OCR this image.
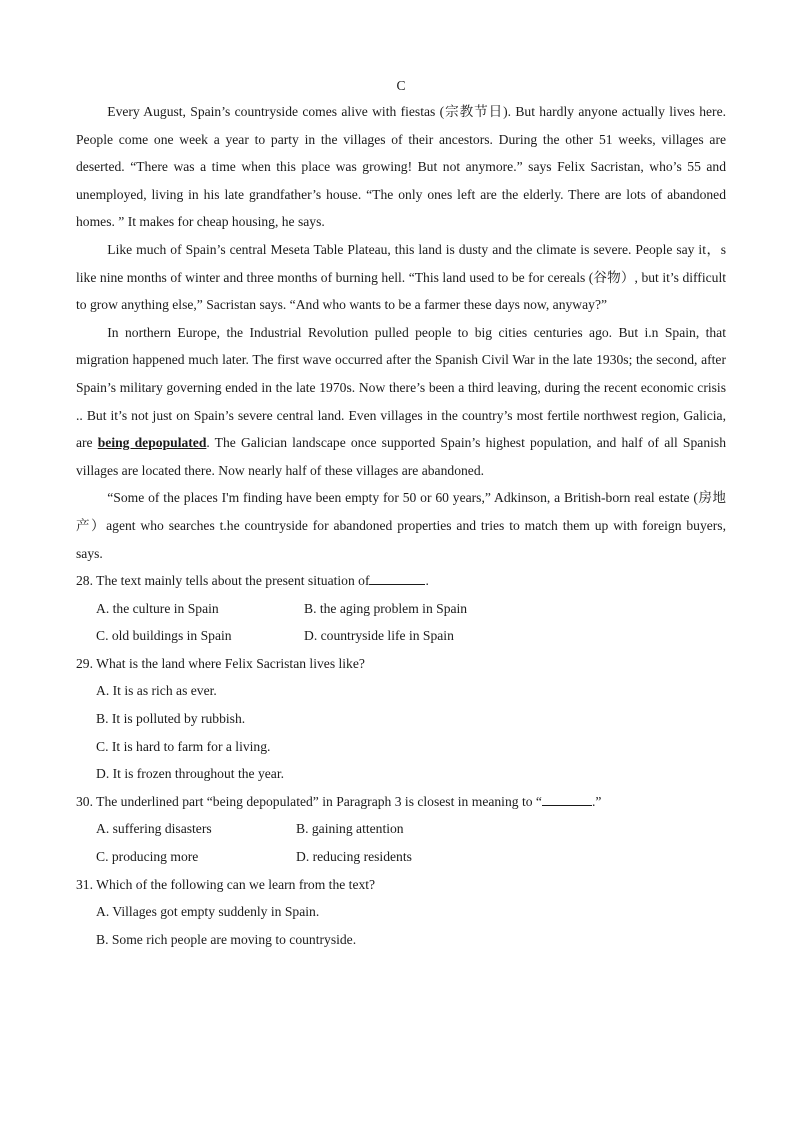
C

Every August, Spain’s countryside comes alive with fiestas (宗教节日). But hardly anyone actually lives here. People come one week a year to party in the villages of their ancestors. During the other 51 weeks, villages are deserted. “There was a time when this place was growing! But not anymore.” says Felix Sacristan, who’s 55 and unemployed, living in his late grandfather’s house. “The only ones left are the elderly. There are lots of abandoned homes. ” It makes for cheap housing, he says.

Like much of Spain’s central Meseta Table Plateau, this land is dusty and the climate is severe. People say it，s like nine months of winter and three months of burning hell. “This land used to be for cereals (谷物）, but it’s difficult to grow anything else,” Sacristan says. “And who wants to be a farmer these days now, anyway?”

In northern Europe, the Industrial Revolution pulled people to big cities centuries ago. But i.n Spain, that migration happened much later. The first wave occurred after the Spanish Civil War in the late 1930s; the second, after Spain’s military governing ended in the late 1970s. Now there’s been a third leaving, during the recent economic crisis .. But it’s not just on Spain’s severe central land. Even villages in the country’s most fertile northwest region, Galicia, are being depopulated. The Galician landscape once supported Spain’s highest population, and half of all Spanish villages are located there. Now nearly half of these villages are abandoned.

“Some of the places I'm finding have been empty for 50 or 60 years,” Adkinson, a British-born real estate (房地产）agent who searches t.he countryside for abandoned properties and tries to match them up with foreign buyers, says.

28. The text mainly tells about the present situation of	.

A. the culture in Spain	B. the aging problem in Spain
C. old buildings in Spain	D. countryside life in Spain

29. What is the land where Felix Sacristan lives like?

A. It is as rich as ever.

B. It is polluted by rubbish.

C. It is hard to farm for a living.

D. It is frozen throughout the year.

30. The underlined part “being depopulated” in Paragraph 3 is closest in meaning to “	.”

A. suffering disasters	B. gaining attention
C. producing more	D. reducing residents

31. Which of the following can we learn from the text?

A. Villages got empty suddenly in Spain.

B. Some rich people are moving to countryside.
